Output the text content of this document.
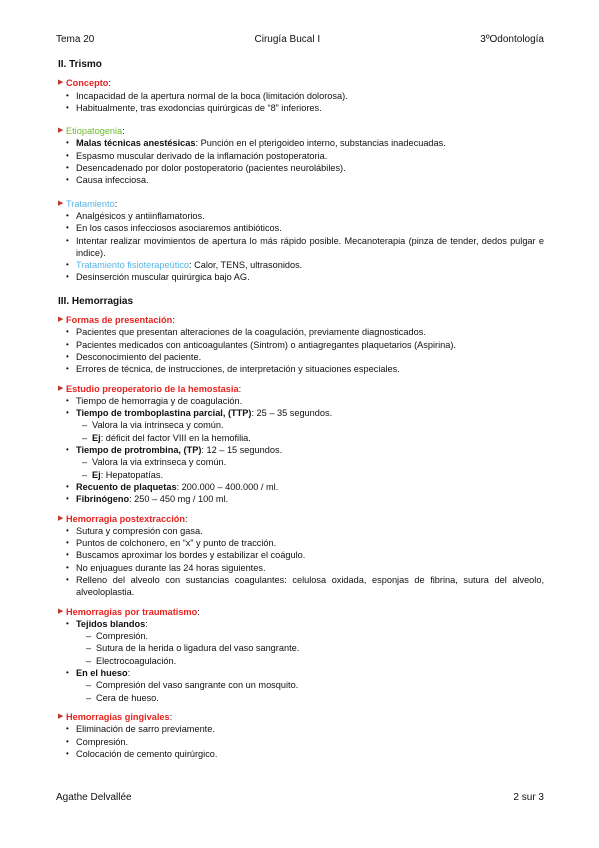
Tema 20	Cirugía Bucal I	3ºOdontología
II. Trismo
▶ Concepto:
• Incapacidad de la apertura normal de la boca (limitación dolorosa).
• Habitualmente, tras exodoncias quirúrgicas de “8” inferiores.
▶ Etiopatogenia:
• Malas técnicas anestésicas: Punción en el pterigoideo interno, substancias inadecuadas.
• Espasmo muscular derivado de la inflamación postoperatoria.
• Desencadenado por dolor postoperatorio (pacientes neurolábiles).
• Causa infecciosa.
▶ Tratamiento:
• Analgésicos y antiinflamatorios.
• En los casos infecciosos asociaremos antibióticos.
• Intentar realizar movimientos de apertura lo más rápido posible. Mecanoterapia (pinza de tender, dedos pulgar e indice).
• Tratamiento fisioterapeútico: Calor, TENS, ultrasonidos.
• Desinserción muscular quirúrgica bajo AG.
III. Hemorragias
▶ Formas de presentación:
• Pacientes que presentan alteraciones de la coagulación, previamente diagnosticados.
• Pacientes medicados con anticoagulantes (Sintrom) o antiagregantes plaquetarios (Aspirina).
• Desconocimiento del paciente.
• Errores de técnica, de instrucciones, de interpretación y situaciones especiales.
▶ Estudio preoperatorio de la hemostasia:
• Tiempo de hemorragia y de coagulación.
• Tiempo de tromboplastina parcial, (TTP): 25 – 35 segundos.
– Valora la via intrinseca y común.
– Ej: déficit del factor VIII en la hemofilia.
• Tiempo de protrombina, (TP): 12 – 15 segundos.
– Valora la via extrinseca y común.
– Ej: Hepatopatías.
• Recuento de plaquetas: 200.000 – 400.000 / ml.
• Fibrinógeno: 250 – 450 mg / 100 ml.
▶ Hemorragia postextracción:
• Sutura y compresión con gasa.
• Puntos de colchonero, en “x” y punto de tracción.
• Buscamos aproximar los bordes y estabilizar el coágulo.
• No enjuagues durante las 24 horas siguientes.
• Relleno del alveolo con sustancias coagulantes: celulosa oxidada, esponjas de fibrina, sutura del alveolo, alveoloplastia.
▶ Hemorragias por traumatismo:
• Tejidos blandos:
– Compresión.
– Sutura de la herida o ligadura del vaso sangrante.
– Electrocoagulación.
• En el hueso:
– Compresión del vaso sangrante con un mosquito.
– Cera de hueso.
▶ Hemorragias gingivales:
• Eliminación de sarro previamente.
• Compresión.
• Colocación de cemento quirúrgico.
Agathe Delvallée	2 sur 3
